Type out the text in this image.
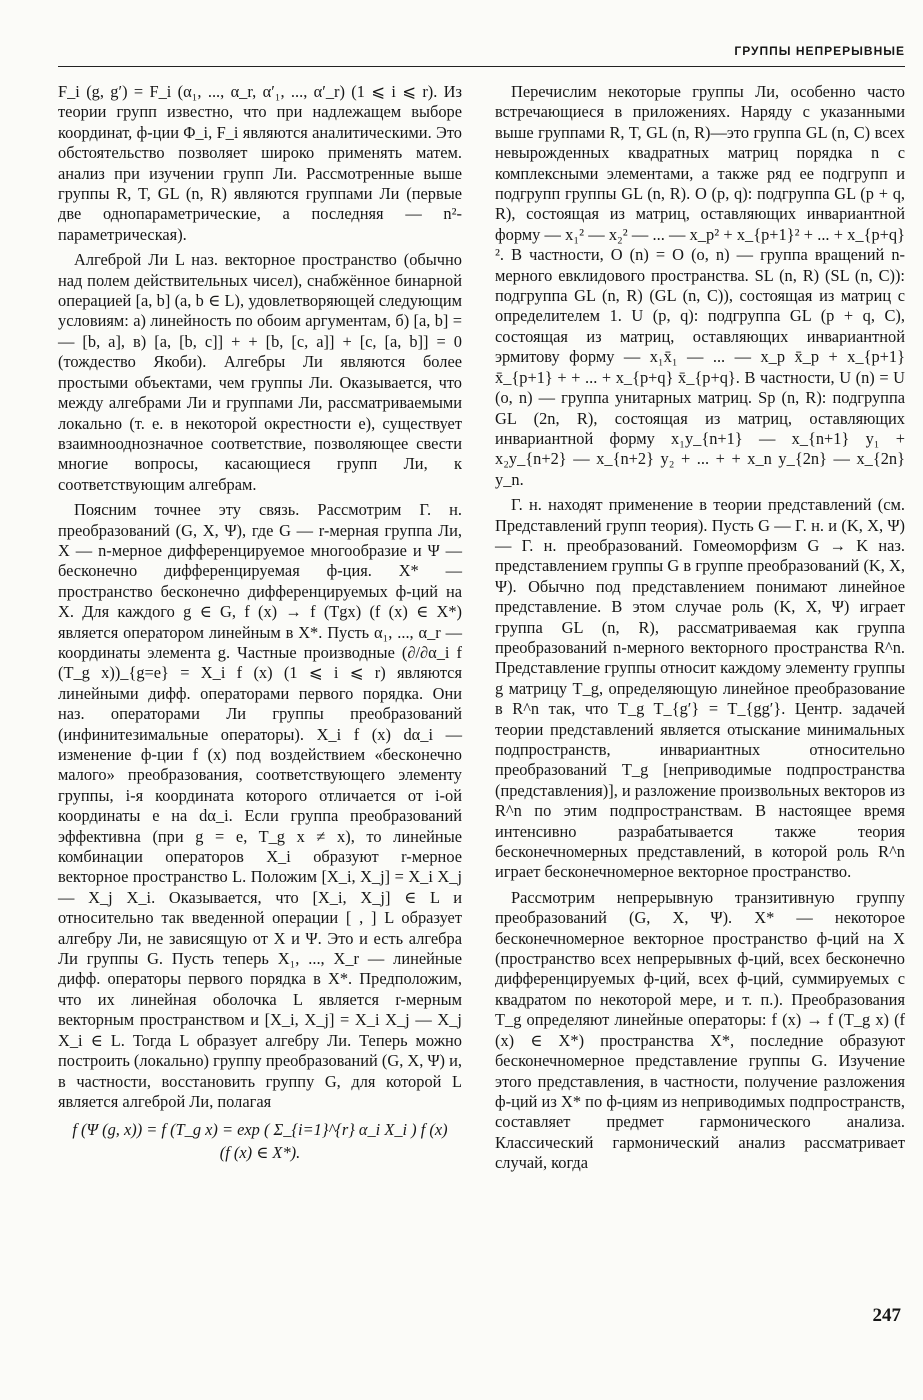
ГРУППЫ НЕПРЕРЫВНЫЕ

F_i (g, g′) = F_i (α₁, ..., α_r, α′₁, ..., α′_r) (1 ⩽ i ⩽ r). Из теории групп известно, что при надлежащем выборе координат, ф-ции Φ_i, F_i являются аналитическими. Это обстоятельство позволяет широко применять матем. анализ при изучении групп Ли. Рассмотренные выше группы R, T, GL (n, R) являются группами Ли (первые две однопараметрические, а последняя — n²-параметрическая).

Алгеброй Ли L наз. векторное пространство (обычно над полем действительных чисел), снабжённое бинарной операцией [a, b] (a, b ∈ L), удовлетворяющей следующим условиям: а) линейность по обоим аргументам, б) [a, b] = — [b, a], в) [a, [b, c]] + + [b, [c, a]] + [c, [a, b]] = 0 (тождество Якоби). Алгебры Ли являются более простыми объектами, чем группы Ли. Оказывается, что между алгебрами Ли и группами Ли, рассматриваемыми локально (т. е. в некоторой окрестности e), существует взаимнооднозначное соответствие, позволяющее свести многие вопросы, касающиеся групп Ли, к соответствующим алгебрам.

Поясним точнее эту связь. Рассмотрим Г. н. преобразований (G, X, Ψ), где G — r-мерная группа Ли, X — n-мерное дифференцируемое многообразие и Ψ — бесконечно дифференцируемая ф-ция. X* — пространство бесконечно дифференцируемых ф-ций на X. Для каждого g ∈ G, f (x) → f (Tgx) (f (x) ∈ X*) является оператором линейным в X*. Пусть α₁, ..., α_r — координаты элемента g. Частные производные (∂/∂α_i f (T_g x))_{g=e} = X_i f (x) (1 ⩽ i ⩽ r) являются линейными дифф. операторами первого порядка. Они наз. операторами Ли группы преобразований (инфинитезимальные операторы). X_i f (x) dα_i — изменение ф-ции f (x) под воздействием «бесконечно малого» преобразования, соответствующего элементу группы, i-я координата которого отличается от i-ой координаты e на dα_i. Если группа преобразований эффективна (при g = e, T_g x ≠ x), то линейные комбинации операторов X_i образуют r-мерное векторное пространство L. Положим [X_i, X_j] = X_i X_j — X_j X_i. Оказывается, что [X_i, X_j] ∈ L и относительно так введенной операции [ , ] L образует алгебру Ли, не зависящую от X и Ψ. Это и есть алгебра Ли группы G. Пусть теперь X₁, ..., X_r — линейные дифф. операторы первого порядка в X*. Предположим, что их линейная оболочка L является r-мерным векторным пространством и [X_i, X_j] = X_i X_j — X_j X_i ∈ L. Тогда L образует алгебру Ли. Теперь можно построить (локально) группу преобразований (G, X, Ψ) и, в частности, восстановить группу G, для которой L является алгеброй Ли, полагая

f (Ψ (g, x)) = f (T_g x) = exp ( Σ_{i=1}^{r} α_i X_i ) f (x)
(f (x) ∈ X*).

Перечислим некоторые группы Ли, особенно часто встречающиеся в приложениях. Наряду с указанными выше группами R, T, GL (n, R)—это группа GL (n, C) всех невырожденных квадратных матриц порядка n с комплексными элементами, а также ряд ее подгрупп и подгрупп группы GL (n, R). O (p, q): подгруппа GL (p + q, R), состоящая из матриц, оставляющих инвариантной форму — x₁² — x₂² — ... — x_p² + x_{p+1}² + ... + x_{p+q}². В частности, O (n) = O (o, n) — группа вращений n-мерного евклидового пространства. SL (n, R) (SL (n, C)): подгруппа GL (n, R) (GL (n, C)), состоящая из матриц с определителем 1. U (p, q): подгруппа GL (p + q, C), состоящая из матриц, оставляющих инвариантной эрмитову форму — x₁x̄₁ — ... — x_p x̄_p + x_{p+1} x̄_{p+1} + + ... + x_{p+q} x̄_{p+q}. В частности, U (n) = U (o, n) — группа унитарных матриц. Sp (n, R): подгруппа GL (2n, R), состоящая из матриц, оставляющих инвариантной форму x₁y_{n+1} — x_{n+1} y₁ + x₂y_{n+2} — x_{n+2} y₂ + ... + + x_n y_{2n} — x_{2n} y_n.

Г. н. находят применение в теории представлений (см. Представлений групп теория). Пусть G — Г. н. и (K, X, Ψ) — Г. н. преобразований. Гомеоморфизм G → K наз. представлением группы G в группе преобразований (K, X, Ψ). Обычно под представлением понимают линейное представление. В этом случае роль (K, X, Ψ) играет группа GL (n, R), рассматриваемая как группа преобразований n-мерного векторного пространства R^n. Представление группы относит каждому элементу группы g матрицу T_g, определяющую линейное преобразование в R^n так, что T_g T_{g′} = T_{gg′}. Центр. задачей теории представлений является отыскание минимальных подпространств, инвариантных относительно преобразований T_g [неприводимые подпространства (представления)], и разложение произвольных векторов из R^n по этим подпространствам. В настоящее время интенсивно разрабатывается также теория бесконечномерных представлений, в которой роль R^n играет бесконечномерное векторное пространство.

Рассмотрим непрерывную транзитивную группу преобразований (G, X, Ψ). X* — некоторое бесконечномерное векторное пространство ф-ций на X (пространство всех непрерывных ф-ций, всех бесконечно дифференцируемых ф-ций, всех ф-ций, суммируемых с квадратом по некоторой мере, и т. п.). Преобразования T_g определяют линейные операторы: f (x) → f (T_g x) (f (x) ∈ X*) пространства X*, последние образуют бесконечномерное представление группы G. Изучение этого представления, в частности, получение разложения ф-ций из X* по ф-циям из неприводимых подпространств, составляет предмет гармонического анализа. Классический гармонический анализ рассматривает случай, когда

247
